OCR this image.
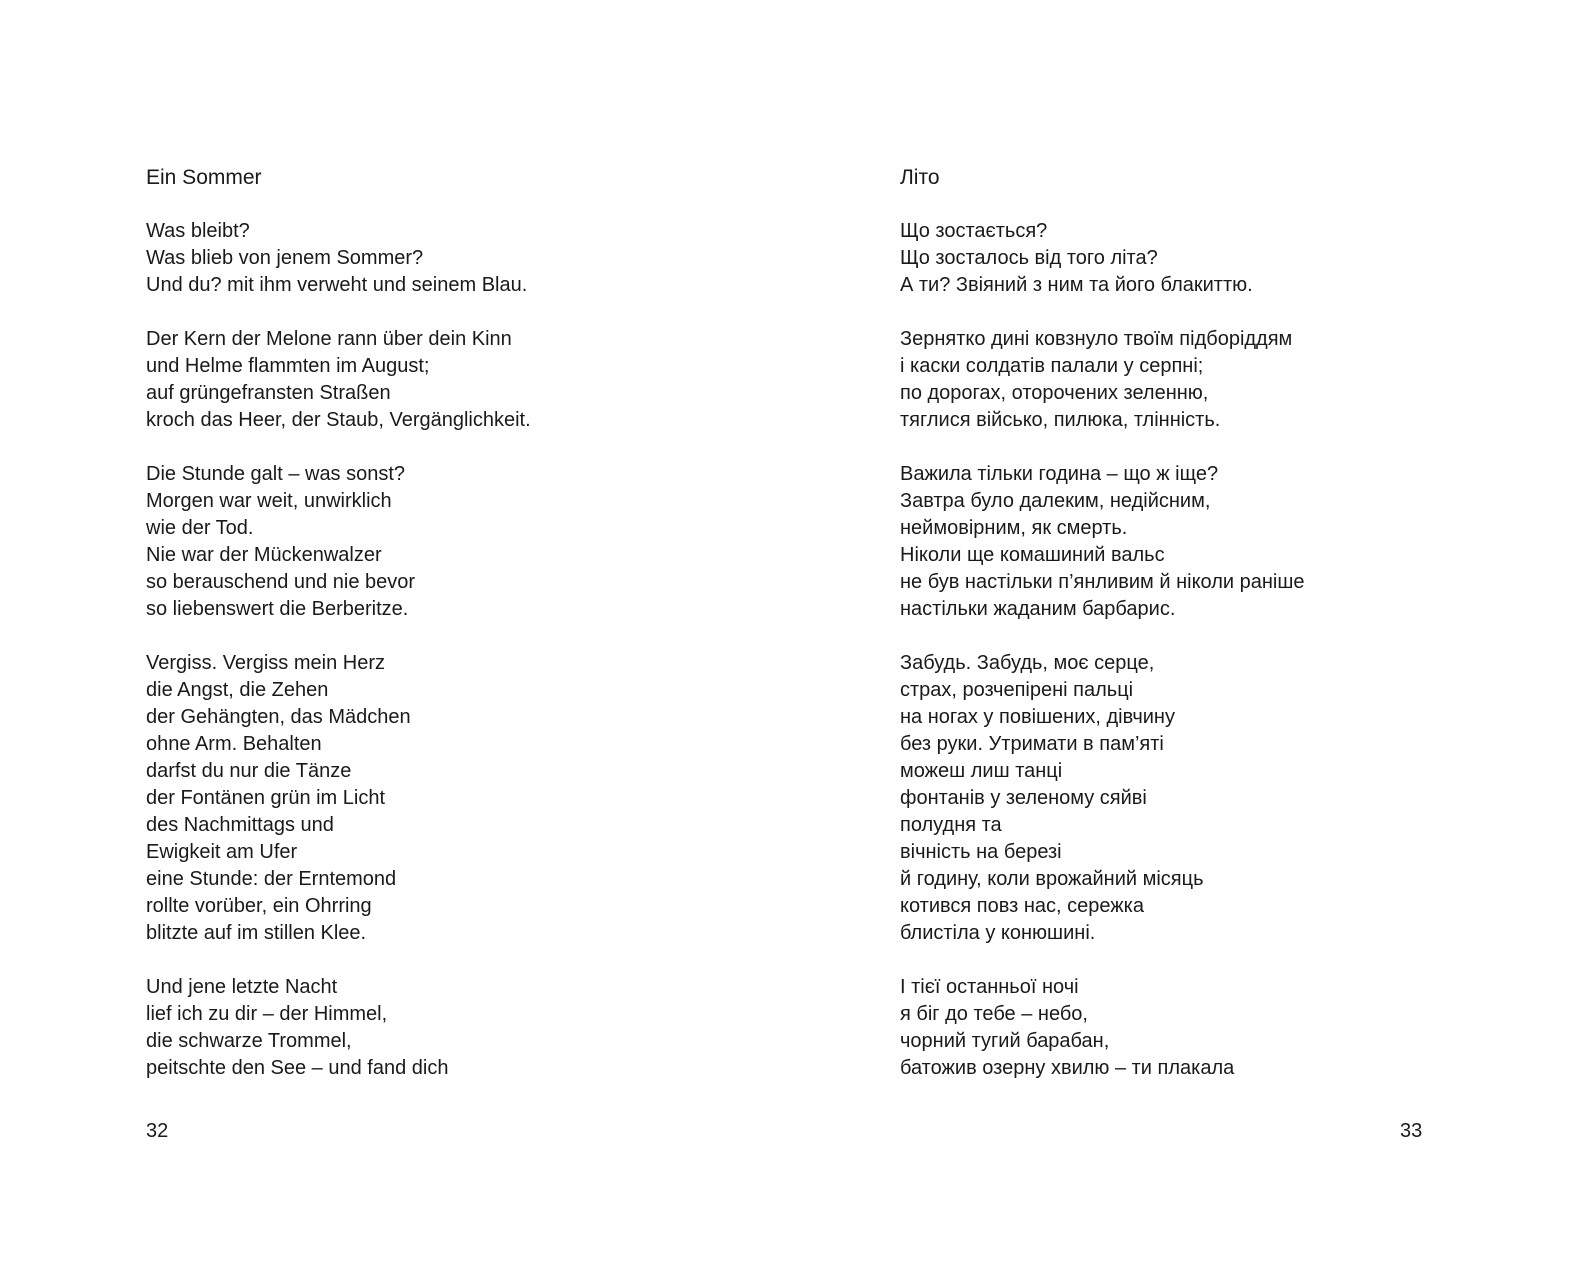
Ein Sommer

Was bleibt?
Was blieb von jenem Sommer?
Und du? mit ihm verweht und seinem Blau.

Der Kern der Melone rann über dein Kinn
und Helme flammten im August;
auf grüngefransten Straßen
kroch das Heer, der Staub, Vergänglichkeit.

Die Stunde galt – was sonst?
Morgen war weit, unwirklich
wie der Tod.
Nie war der Mückenwalzer
so berauschend und nie bevor
so liebenswert die Berberitze.

Vergiss. Vergiss mein Herz
die Angst, die Zehen
der Gehängten, das Mädchen
ohne Arm. Behalten
darfst du nur die Tänze
der Fontänen grün im Licht
des Nachmittags und
Ewigkeit am Ufer
eine Stunde: der Erntemond
rollte vorüber, ein Ohrring
blitzte auf im stillen Klee.

Und jene letzte Nacht
lief ich zu dir – der Himmel,
die schwarze Trommel,
peitschte den See – und fand dich

32
Літо

Що зостається?
Що зосталось від того літа?
А ти? Звіяний з ним та його блакиттю.

Зернятко дині ковзнуло твоїм підборіддям
і каски солдатів палали у серпні;
по дорогах, оторочених зеленню,
тяглися військo, пилюка, тлінність.

Важила тільки година – що ж іще?
Завтра було далеким, недійсним,
неймовірним, як смерть.
Ніколи ще комашиний вальс
не був настільки п’янливим й ніколи раніше
настільки жаданим барбарис.

Забудь. Забудь, моє серце,
страх, розчепірені пальці
на ногах у повішених, дівчину
без руки. Утримати в пам’яті
можеш лиш танці
фонтанів у зеленому сяйві
полудня та
вічність на березі
й годину, коли врожайний місяць
котився повз нас, сережка
блистіла у конюшині.

І тієї останньої ночі
я біг до тебе – небо,
чорний тугий барабан,
батожив озерну хвилю – ти плакала

33
